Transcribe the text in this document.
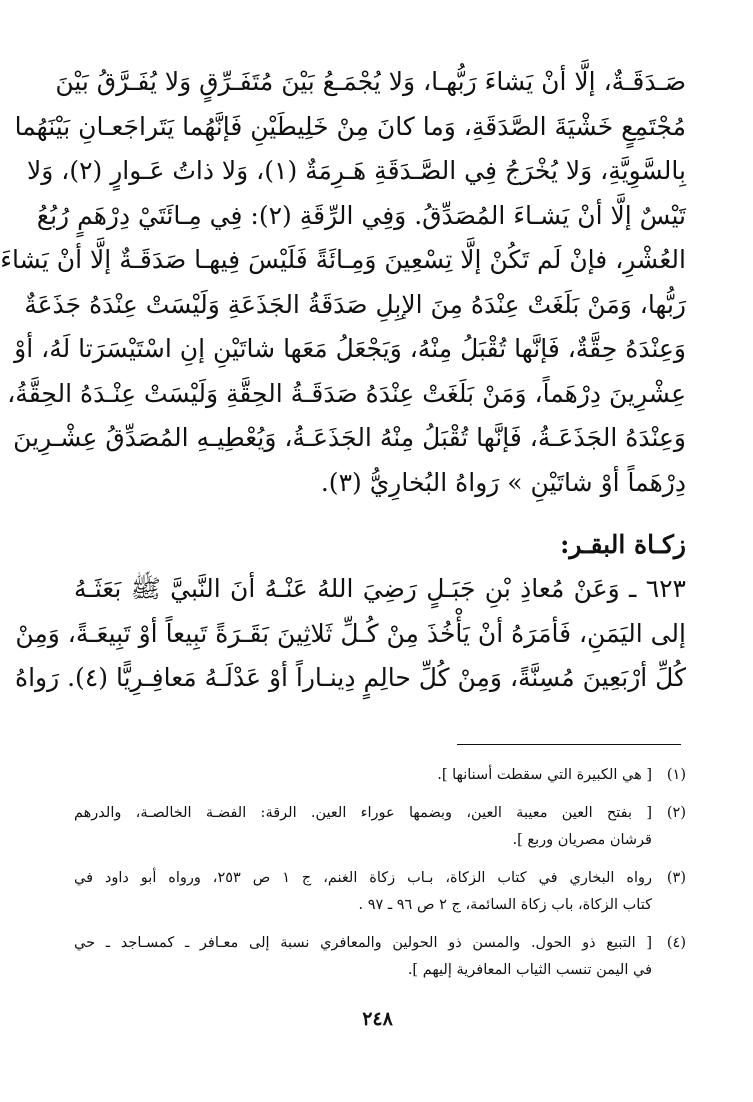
صَـدَقَـةٌ، إلَّا أنْ يَشاءَ رَبُّهـا، وَلا يُجْمَـعُ بَيْنَ مُتَفَـرِّقٍ وَلا يُفَـرَّقُ بَيْنَ
مُجْتَمِعٍ خَشْيَةَ الصَّدَقَةِ، وَما كانَ مِنْ خَلِيطَيْنِ فَإنَّهُما يَتَراجَعـانِ بَيْنَهُما
بِالسَّوِيَّةِ، وَلا يُخْرَجُ فِي الصَّـدَقَةِ هَـرِمَةٌ (١)، وَلا ذاتُ عَـوارٍ (٢)، وَلا
تَيْسٌ إلَّا أنْ يَشـاءَ المُصَدِّقُ. وَفِي الرِّقَةِ (٢): فِي مِـائَتَيْ دِرْهَمٍ رُبُعُ
العُشْرِ، فإنْ لَم تَكُنْ إلَّا تِسْعِينَ وَمِـائَةً فَلَيْسَ فِيهـا صَدَقَـةٌ إلَّا أنْ يَشاءَ
رَبُّها، وَمَنْ بَلَغَتْ عِنْدَهُ مِنَ الإبِلِ صَدَقَةُ الجَذَعَةِ وَلَيْسَتْ عِنْدَهُ جَذَعَةٌ
وَعِنْدَهُ حِقَّةٌ، فَإنَّها تُقْبَلُ مِنْهُ، وَيَجْعَلُ مَعَها شاتَيْنِ إنِ اسْتَيْسَرَتا لَهُ، أوْ
عِشْرِينَ دِرْهَماً، وَمَنْ بَلَغَتْ عِنْدَهُ صَدَقَـةُ الحِقَّةِ وَلَيْسَتْ عِنْـدَهُ الحِقَّةُ،
وَعِنْدَهُ الجَذَعَـةُ، فَإنَّها تُقْبَلُ مِنْهُ الجَذَعَـةُ، وَيُعْطِيـهِ المُصَدِّقُ عِشْـرِينَ
دِرْهَماً أوْ شاتَيْنِ » رَواهُ البُخارِيُّ (٣).
زكـاة البقـر:
٦٢٣ ـ وَعَنْ مُعاذِ بْنِ جَبَـلٍ رَضِيَ اللهُ عَنْـهُ أنَ النَّبيَّ ﷺ بَعَثَـهُ
إلى اليَمَنِ، فَأمَرَهُ أنْ يَأْخُذَ مِنْ كُـلِّ ثَلاثِينَ بَقَـرَةً تَبِيعاً أوْ تَبِيعَـةً، وَمِنْ
كُلِّ أرْبَعِينَ مُسِنَّةً، وَمِنْ كُلِّ حالِمٍ دِينـاراً أوْ عَدْلَـهُ مَعافِـرِيًّا (٤). رَواهُ
(١)
[ هي الكبيرة التي سقطت أسنانها ].
(٢)
[ بفتح العين معيبة العين، وبضمها عوراء العين. الرقة: الفضـة الخالصـة، والدرهم
قرشان مصريان وربع ].
(٣)
رواه البخاري في كتاب الزكاة، بـاب زكاة الغنم، ج ١ ص ٢٥٣، ورواه أبو داود في
كتاب الزكاة، باب زكاة السائمة، ج ٢ ص ٩٦ ـ ٩٧ .
(٤)
[ التبيع ذو الحول. والمسن ذو الحولين والمعافري نسبة إلى معـافر ـ كمسـاجد ـ حي
في اليمن تنسب الثياب المعافرية إليهم ].
٢٤٨
